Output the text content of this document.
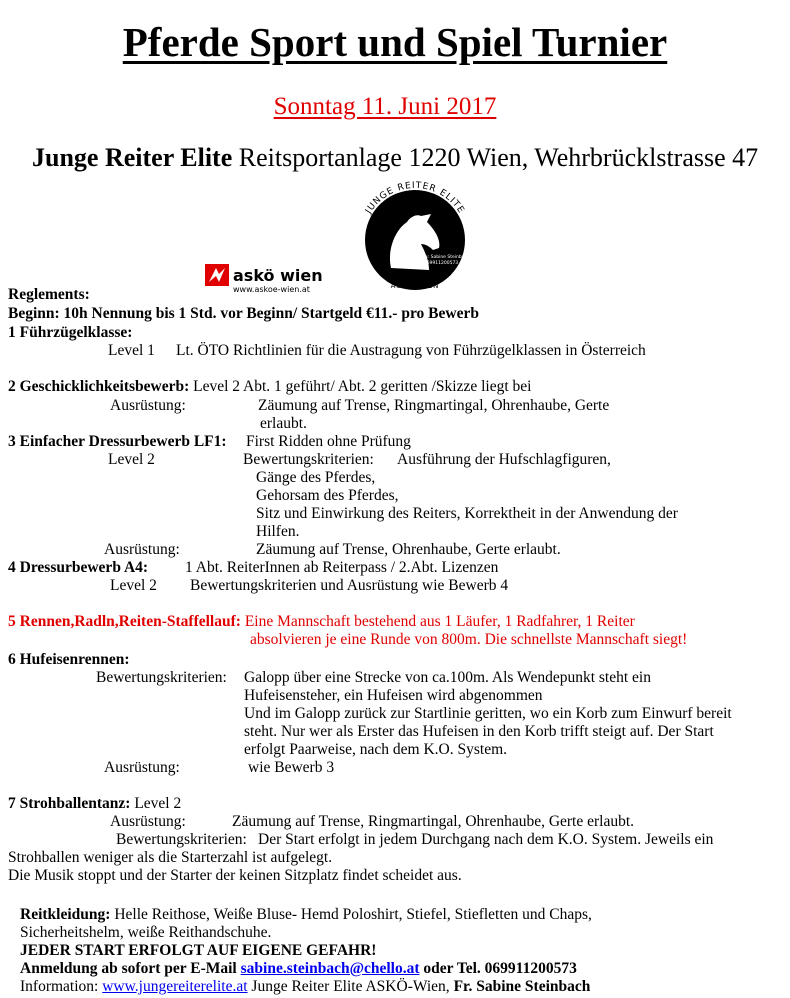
Pferde Sport und Spiel Turnier
Sonntag 11. Juni 2017
Junge Reiter Elite Reitsportanlage 1220 Wien, Wehrbrücklstrasse 47
JUNGE REITER ELITE
Obfrau: Sabine Steinbach
069911200573
ASKÖ WIEN
askö wien
www.askoe-wien.at
Reglements:
Beginn: 10h Nennung bis 1 Std. vor Beginn/ Startgeld €11.- pro Bewerb
1 Führzügelklasse:
Level 1 Lt. ÖTO Richtlinien für die Austragung von Führzügelklassen in Österreich
2 Geschicklichkeitsbewerb: Level 2 Abt. 1 geführt/ Abt. 2 geritten /Skizze liegt bei
Ausrüstung:	Zäumung auf Trense, Ringmartingal, Ohrenhaube, Gerte
erlaubt.
3 Einfacher Dressurbewerb LF1: First Ridden ohne Prüfung
Level 2	Bewertungskriterien: Ausführung der Hufschlagfiguren,
Gänge des Pferdes,
Gehorsam des Pferdes,
Sitz und Einwirkung des Reiters, Korrektheit in der Anwendung der
Hilfen.
Ausrüstung:	Zäumung auf Trense, Ohrenhaube, Gerte erlaubt.
4 Dressurbewerb A4: 1 Abt. ReiterInnen ab Reiterpass / 2.Abt. Lizenzen
Level 2 Bewertungskriterien und Ausrüstung wie Bewerb 4
5 Rennen,Radln,Reiten-Staffellauf: Eine Mannschaft bestehend aus 1 Läufer, 1 Radfahrer, 1 Reiter
absolvieren je eine Runde von 800m. Die schnellste Mannschaft siegt!
6 Hufeisenrennen:
Bewertungskriterien: Galopp über eine Strecke von ca.100m. Als Wendepunkt steht ein
Hufeisensteher, ein Hufeisen wird abgenommen
Und im Galopp zurück zur Startlinie geritten, wo ein Korb zum Einwurf bereit
steht. Nur wer als Erster das Hufeisen in den Korb trifft steigt auf. Der Start
erfolgt Paarweise, nach dem K.O. System.
Ausrüstung:	wie Bewerb 3
7 Strohballentanz: Level 2
Ausrüstung:	Zäumung auf Trense, Ringmartingal, Ohrenhaube, Gerte erlaubt.
Bewertungskriterien: Der Start erfolgt in jedem Durchgang nach dem K.O. System. Jeweils ein
Strohballen weniger als die Starterzahl ist aufgelegt.
Die Musik stoppt und der Starter der keinen Sitzplatz findet scheidet aus.
Reitkleidung: Helle Reithose, Weiße Bluse- Hemd Poloshirt, Stiefel, Stiefletten und Chaps,
Sicherheitshelm, weiße Reithandschuhe.
JEDER START ERFOLGT AUF EIGENE GEFAHR!
Anmeldung ab sofort per E-Mail sabine.steinbach@chello.at oder Tel. 069911200573
Information: www.jungereiterelite.at Junge Reiter Elite ASKÖ-Wien, Fr. Sabine Steinbach
